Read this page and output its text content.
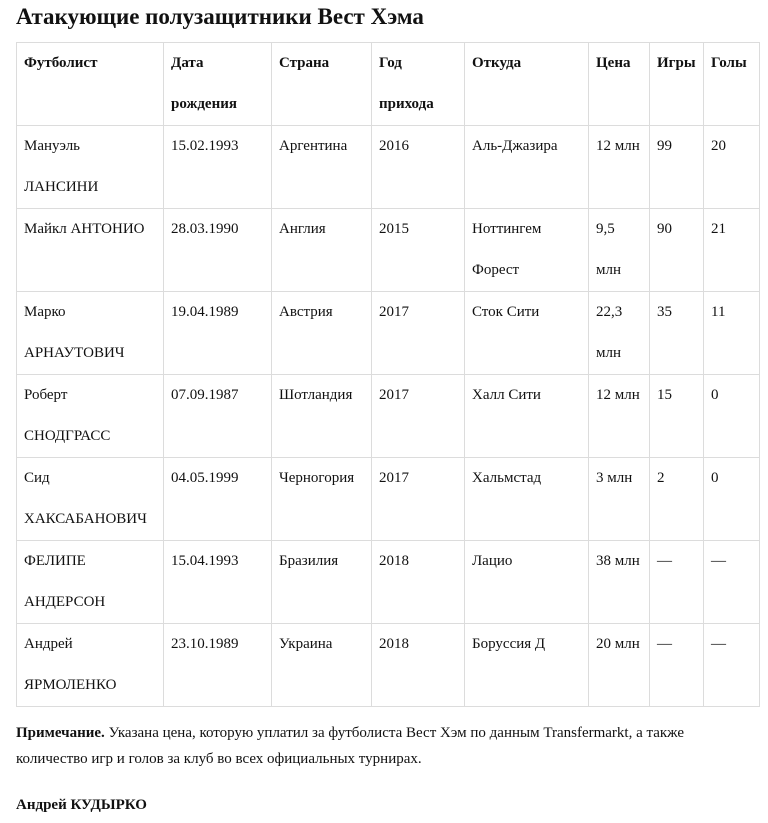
Атакующие полузащитники Вест Хэма
Футболист	Дата рождения	Страна	Год прихода	Откуда	Цена	Игры	Голы

Мануэль ЛАНСИНИ	15.02.1993	Аргентина	2016	Аль-Джазира	12 млн	99	20

Майкл АНТОНИО	28.03.1990	Англия	2015	Ноттингем Форест	9,5 млн	90	21

Марко АРНАУТОВИЧ	19.04.1989	Австрия	2017	Сток Сити	22,3 млн	35	11

Роберт СНОДГРАСС	07.09.1987	Шотландия	2017	Халл Сити	12 млн	15	0

Сид ХАКСАБАНОВИЧ	04.05.1999	Черногория	2017	Хальмстад	3 млн	2	0

ФЕЛИПЕ АНДЕРСОН	15.04.1993	Бразилия	2018	Лацио	38 млн	—	—

Андрей ЯРМОЛЕНКО	23.10.1989	Украина	2018	Боруссия Д	20 млн	—	—

Примечание. Указана цена, которую уплатил за футболиста Вест Хэм по данным Transfermarkt, а также количество игр и голов за клуб во всех официальных турнирах.

Андрей КУДЫРКО
